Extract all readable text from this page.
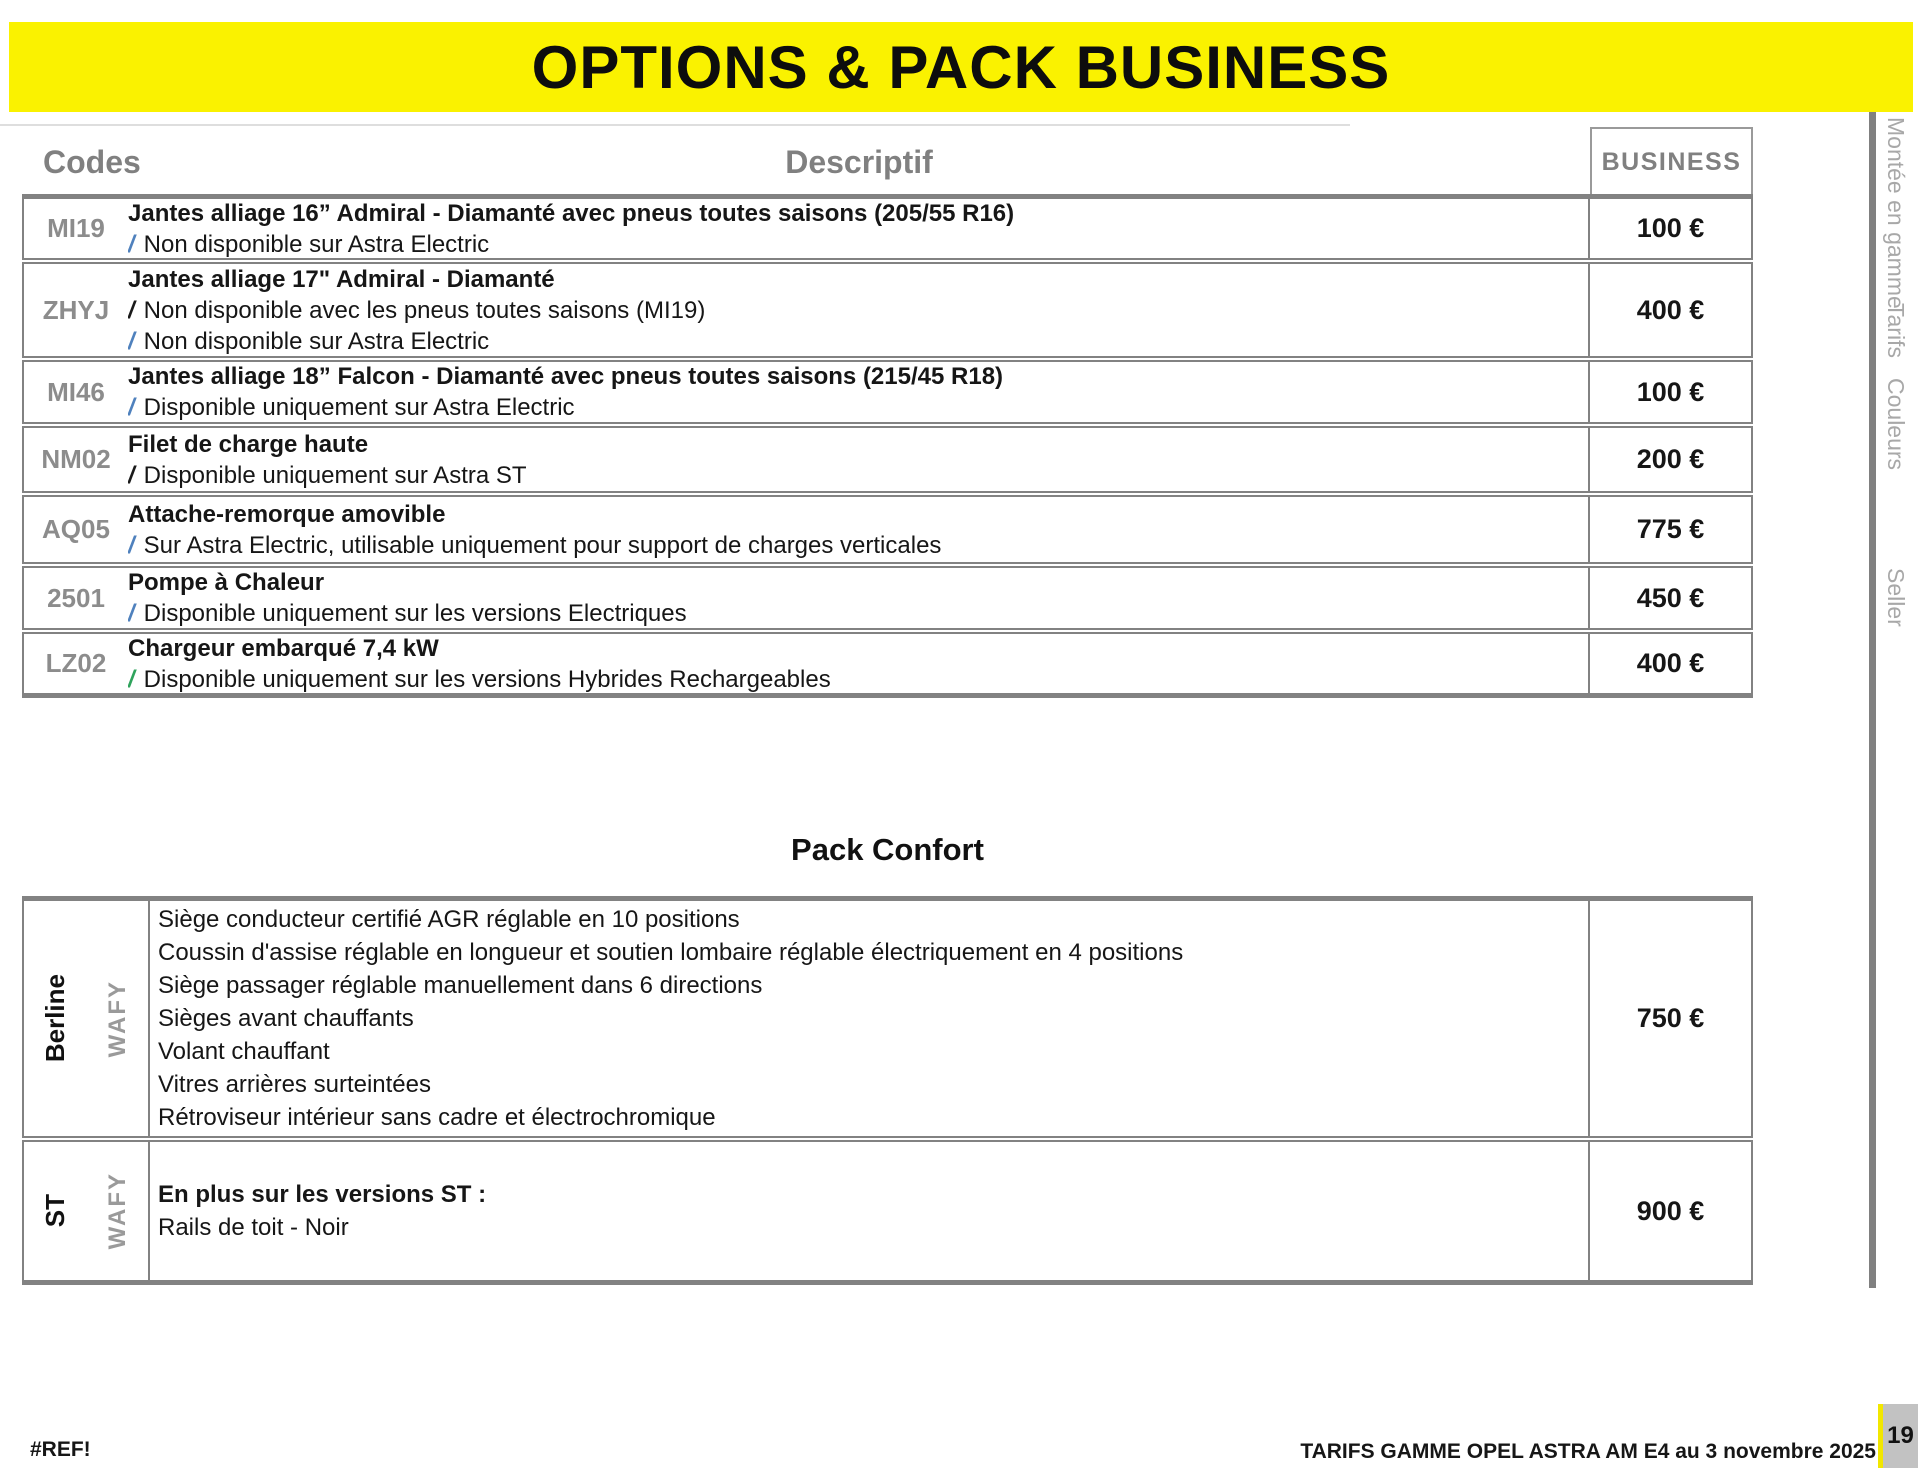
OPTIONS & PACK BUSINESS
Codes	Descriptif	BUSINESS
MI19 Jantes alliage 16” Admiral - Diamanté avec pneus toutes saisons (205/55 R16)
/ Non disponible sur Astra Electric
100 €
ZHYJ
Jantes alliage 17" Admiral - Diamanté
/ Non disponible avec les pneus toutes saisons (MI19)
/ Non disponible sur Astra Electric
400 €
MI46 Jantes alliage 18” Falcon - Diamanté avec pneus toutes saisons (215/45 R18)
/ Disponible uniquement sur Astra Electric
100 €
NM02 Filet de charge haute
/ Disponible uniquement sur Astra ST
200 €
AQ05 Attache-remorque amovible
/ Sur Astra Electric, utilisable uniquement pour support de charges verticales
775 €
2501 Pompe à Chaleur
/ Disponible uniquement sur les versions Electriques
450 €
LZ02 Chargeur embarqué 7,4 kW
/ Disponible uniquement sur les versions Hybrides Rechargeables
400 €
Pack Confort
Berline WAFY
Siège conducteur certifié AGR réglable en 10 positions
Coussin d'assise réglable en longueur et soutien lombaire réglable électriquement en 4 positions
Siège passager réglable manuellement dans 6 directions
Sièges avant chauffants
Volant chauffant
Vitres arrières surteintées
Rétroviseur intérieur sans cadre et électrochromique
750 €
ST WAFY En plus sur les versions ST :
Rails de toit - Noir
900 €
Montée en gamme
Tarifs
Couleurs
Seller
#REF!	TARIFS GAMME OPEL ASTRA AM E4 au 3 novembre 2025
19
